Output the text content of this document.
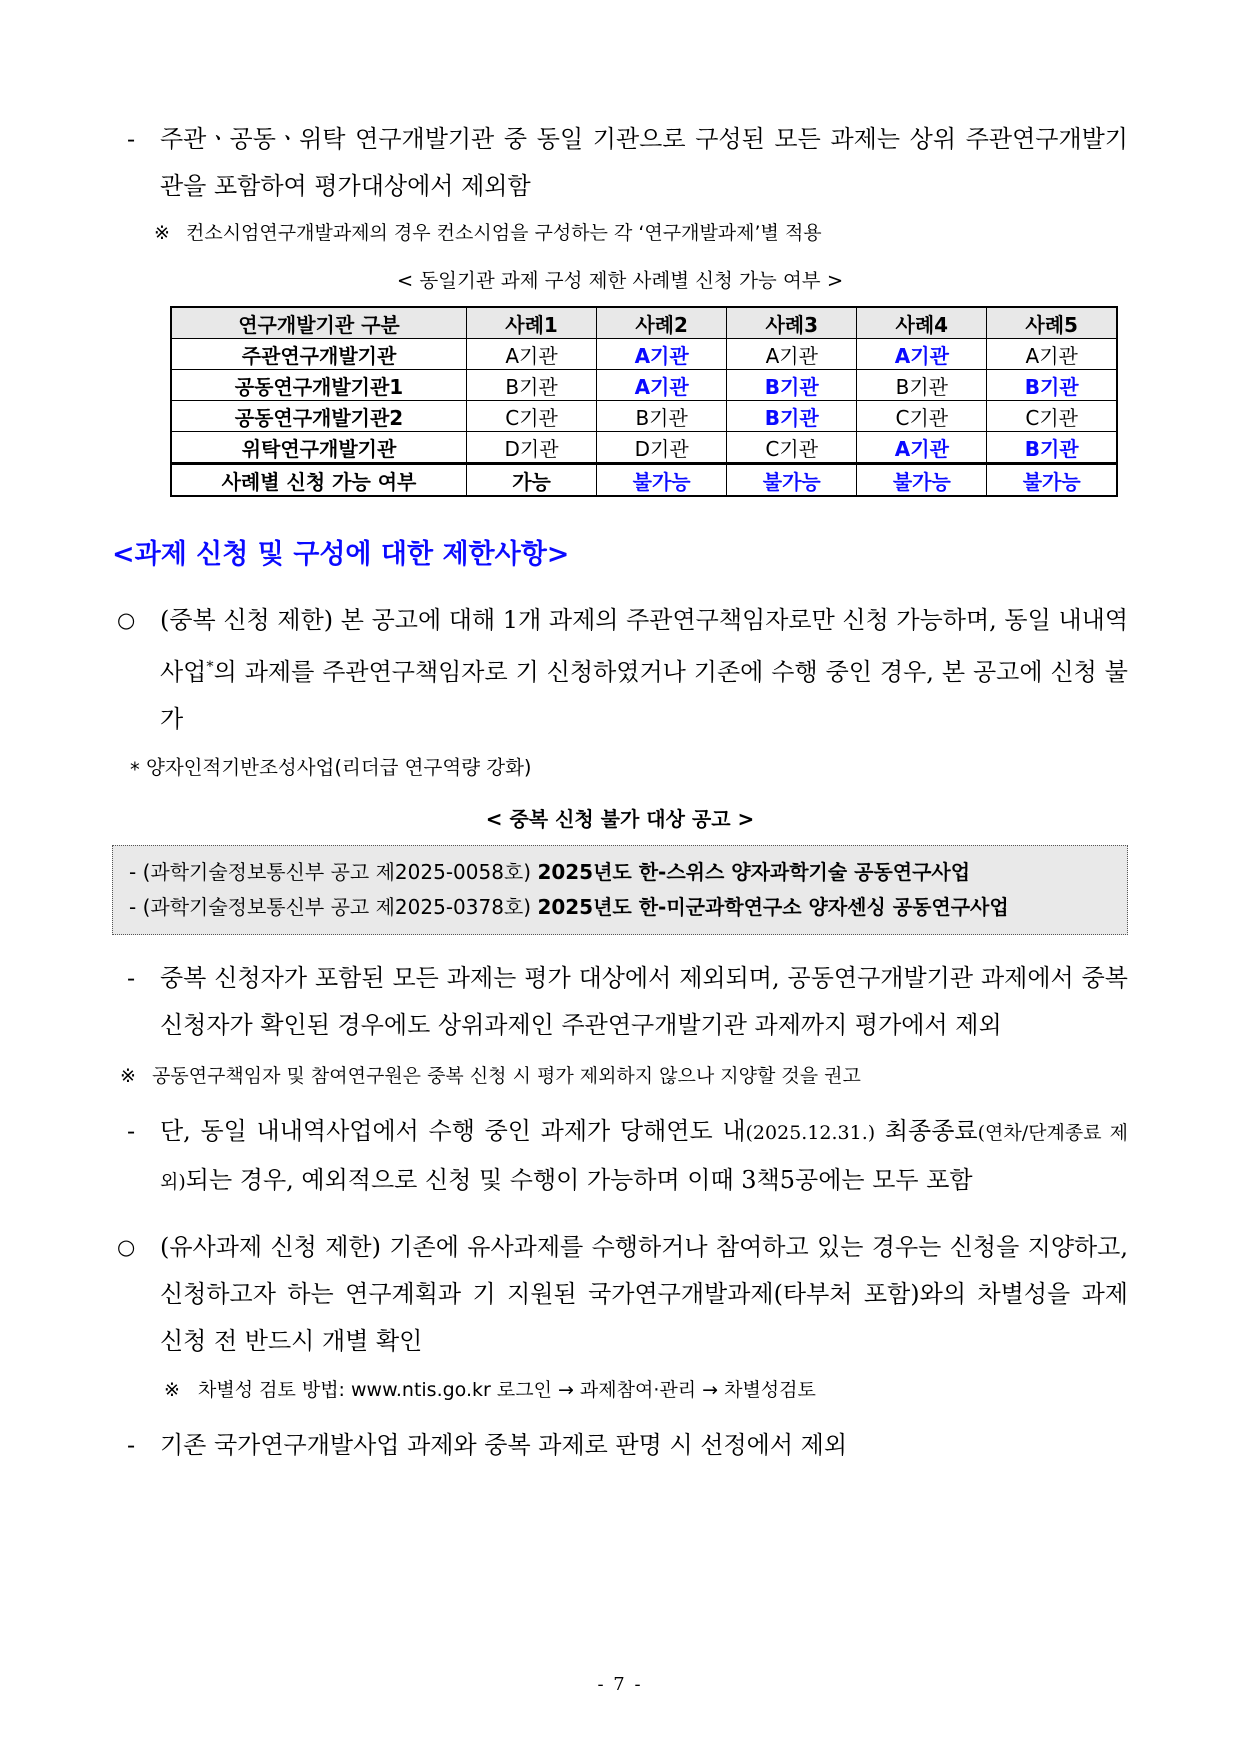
- 주관ㆍ공동ㆍ위탁 연구개발기관 중 동일 기관으로 구성된 모든 과제는 상위 주관연구개발기관을 포함하여 평가대상에서 제외함
※ 컨소시엄연구개발과제의 경우 컨소시엄을 구성하는 각 ‘연구개발과제’별 적용
< 동일기관 과제 구성 제한 사례별 신청 가능 여부 >
연구개발기관 구분	사례1	사례2	사례3	사례4	사례5
주관연구개발기관	A기관	A기관	A기관	A기관	A기관
공동연구개발기관1	B기관	A기관	B기관	B기관	B기관
공동연구개발기관2	C기관	B기관	B기관	C기관	C기관
위탁연구개발기관	D기관	D기관	C기관	A기관	B기관
사례별 신청 가능 여부	가능	불가능	불가능	불가능	불가능
<과제 신청 및 구성에 대한 제한사항>
○ (중복 신청 제한) 본 공고에 대해 1개 과제의 주관연구책임자로만 신청 가능하며, 동일 내내역사업*의 과제를 주관연구책임자로 기 신청하였거나 기존에 수행 중인 경우, 본 공고에 신청 불가
* 양자인적기반조성사업(리더급 연구역량 강화)
< 중복 신청 불가 대상 공고 >
- (과학기술정보통신부 공고 제2025-0058호) 2025년도 한-스위스 양자과학기술 공동연구사업
- (과학기술정보통신부 공고 제2025-0378호) 2025년도 한-미군과학연구소 양자센싱 공동연구사업
- 중복 신청자가 포함된 모든 과제는 평가 대상에서 제외되며, 공동연구개발기관 과제에서 중복신청자가 확인된 경우에도 상위과제인 주관연구개발기관 과제까지 평가에서 제외
※ 공동연구책임자 및 참여연구원은 중복 신청 시 평가 제외하지 않으나 지양할 것을 권고
- 단, 동일 내내역사업에서 수행 중인 과제가 당해연도 내(2025.12.31.) 최종종료(연차/단계종료 제외)되는 경우, 예외적으로 신청 및 수행이 가능하며 이때 3책5공에는 모두 포함
○ (유사과제 신청 제한) 기존에 유사과제를 수행하거나 참여하고 있는 경우는 신청을 지양하고, 신청하고자 하는 연구계획과 기 지원된 국가연구개발과제(타부처 포함)와의 차별성을 과제 신청 전 반드시 개별 확인
※ 차별성 검토 방법: www.ntis.go.kr 로그인 → 과제참여·관리 → 차별성검토
- 기존 국가연구개발사업 과제와 중복 과제로 판명 시 선정에서 제외
- 7 -
